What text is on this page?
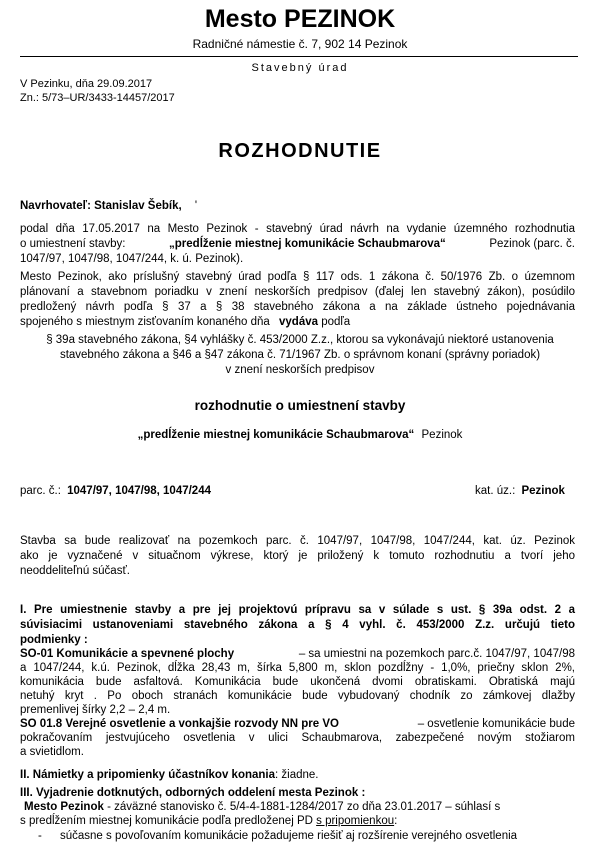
Mesto PEZINOK
Radničné námestie č. 7, 902 14 Pezinok
Stavebný úrad
V Pezinku, dňa 29.09.2017
Zn.: 5/73–UR/3433-14457/2017
ROZHODNUTIE
Navrhovateľ: Stanislav Šebík, '
podal dňa 17.05.2017 na Mesto Pezinok - stavebný úrad návrh na vydanie územného rozhodnutia
o umiestnení stavby:	„predĺženie miestnej komunikácie Schaubmarova“	Pezinok (parc. č.
1047/97, 1047/98, 1047/244, k. ú. Pezinok).
Mesto Pezinok, ako príslušný stavebný úrad podľa § 117 ods. 1 zákona č. 50/1976 Zb. o územnom
plánovaní a stavebnom poriadku v znení neskorších predpisov (ďalej len stavebný zákon), posúdilo
predložený návrh podľa § 37 a § 38 stavebného zákona a na základe ústneho pojednávania
spojeného s miestnym zisťovaním konaného dňa vydáva podľa
§ 39a stavebného zákona, §4 vyhlášky č. 453/2000 Z.z., ktorou sa vykonávajú niektoré ustanovenia
stavebného zákona a §46 a §47 zákona č. 71/1967 Zb. o správnom konaní (správny poriadok)
v znení neskorších predpisov
rozhodnutie o umiestnení stavby
„predĺženie miestnej komunikácie Schaubmarova“ Pezinok
parc. č.: 1047/97, 1047/98, 1047/244	kat. úz.: Pezinok
Stavba sa bude realizovať na pozemkoch parc. č. 1047/97, 1047/98, 1047/244, kat. úz. Pezinok
ako je vyznačené v situačnom výkrese, ktorý je priložený k tomuto rozhodnutiu a tvorí jeho
neoddeliteľnú súčasť.
I. Pre umiestnenie stavby a pre jej projektovú prípravu sa v súlade s ust. § 39a odst. 2 a
súvisiacimi ustanoveniami stavebného zákona a § 4 vyhl. č. 453/2000 Z.z. určujú tieto
podmienky :
SO-01 Komunikácie a spevnené plochy	– sa umiestni na pozemkoch parc.č. 1047/97, 1047/98
a 1047/244, k.ú. Pezinok, dĺžka 28,43 m, šírka 5,800 m, sklon pozdĺžny - 1,0%, priečny sklon 2%,
komunikácia bude asfaltová. Komunikácia bude ukončená dvomi obratiskami. Obratiská majú
netuhý kryt . Po oboch stranách komunikácie bude vybudovaný chodník zo zámkovej dlažby
premenlivej šírky 2,2 – 2,4 m.
SO 01.8 Verejné osvetlenie a vonkajšie rozvody NN pre VO	– osvetlenie komunikácie bude
pokračovaním jestvujúceho osvetlenia v ulici Schaubmarova, zabezpečené novým stožiarom
a svietidlom.
II. Námietky a pripomienky účastníkov konania: žiadne.
III. Vyjadrenie dotknutých, odborných oddelení mesta Pezinok :
Mesto Pezinok - záväzné stanovisko č. 5/4-4-1881-1284/2017 zo dňa 23.01.2017 – súhlasí s
s predĺžením miestnej komunikácie podľa predloženej PD s pripomienkou:
- súčasne s povoľovaním komunikácie požadujeme riešiť aj rozšírenie verejného osvetlenia
